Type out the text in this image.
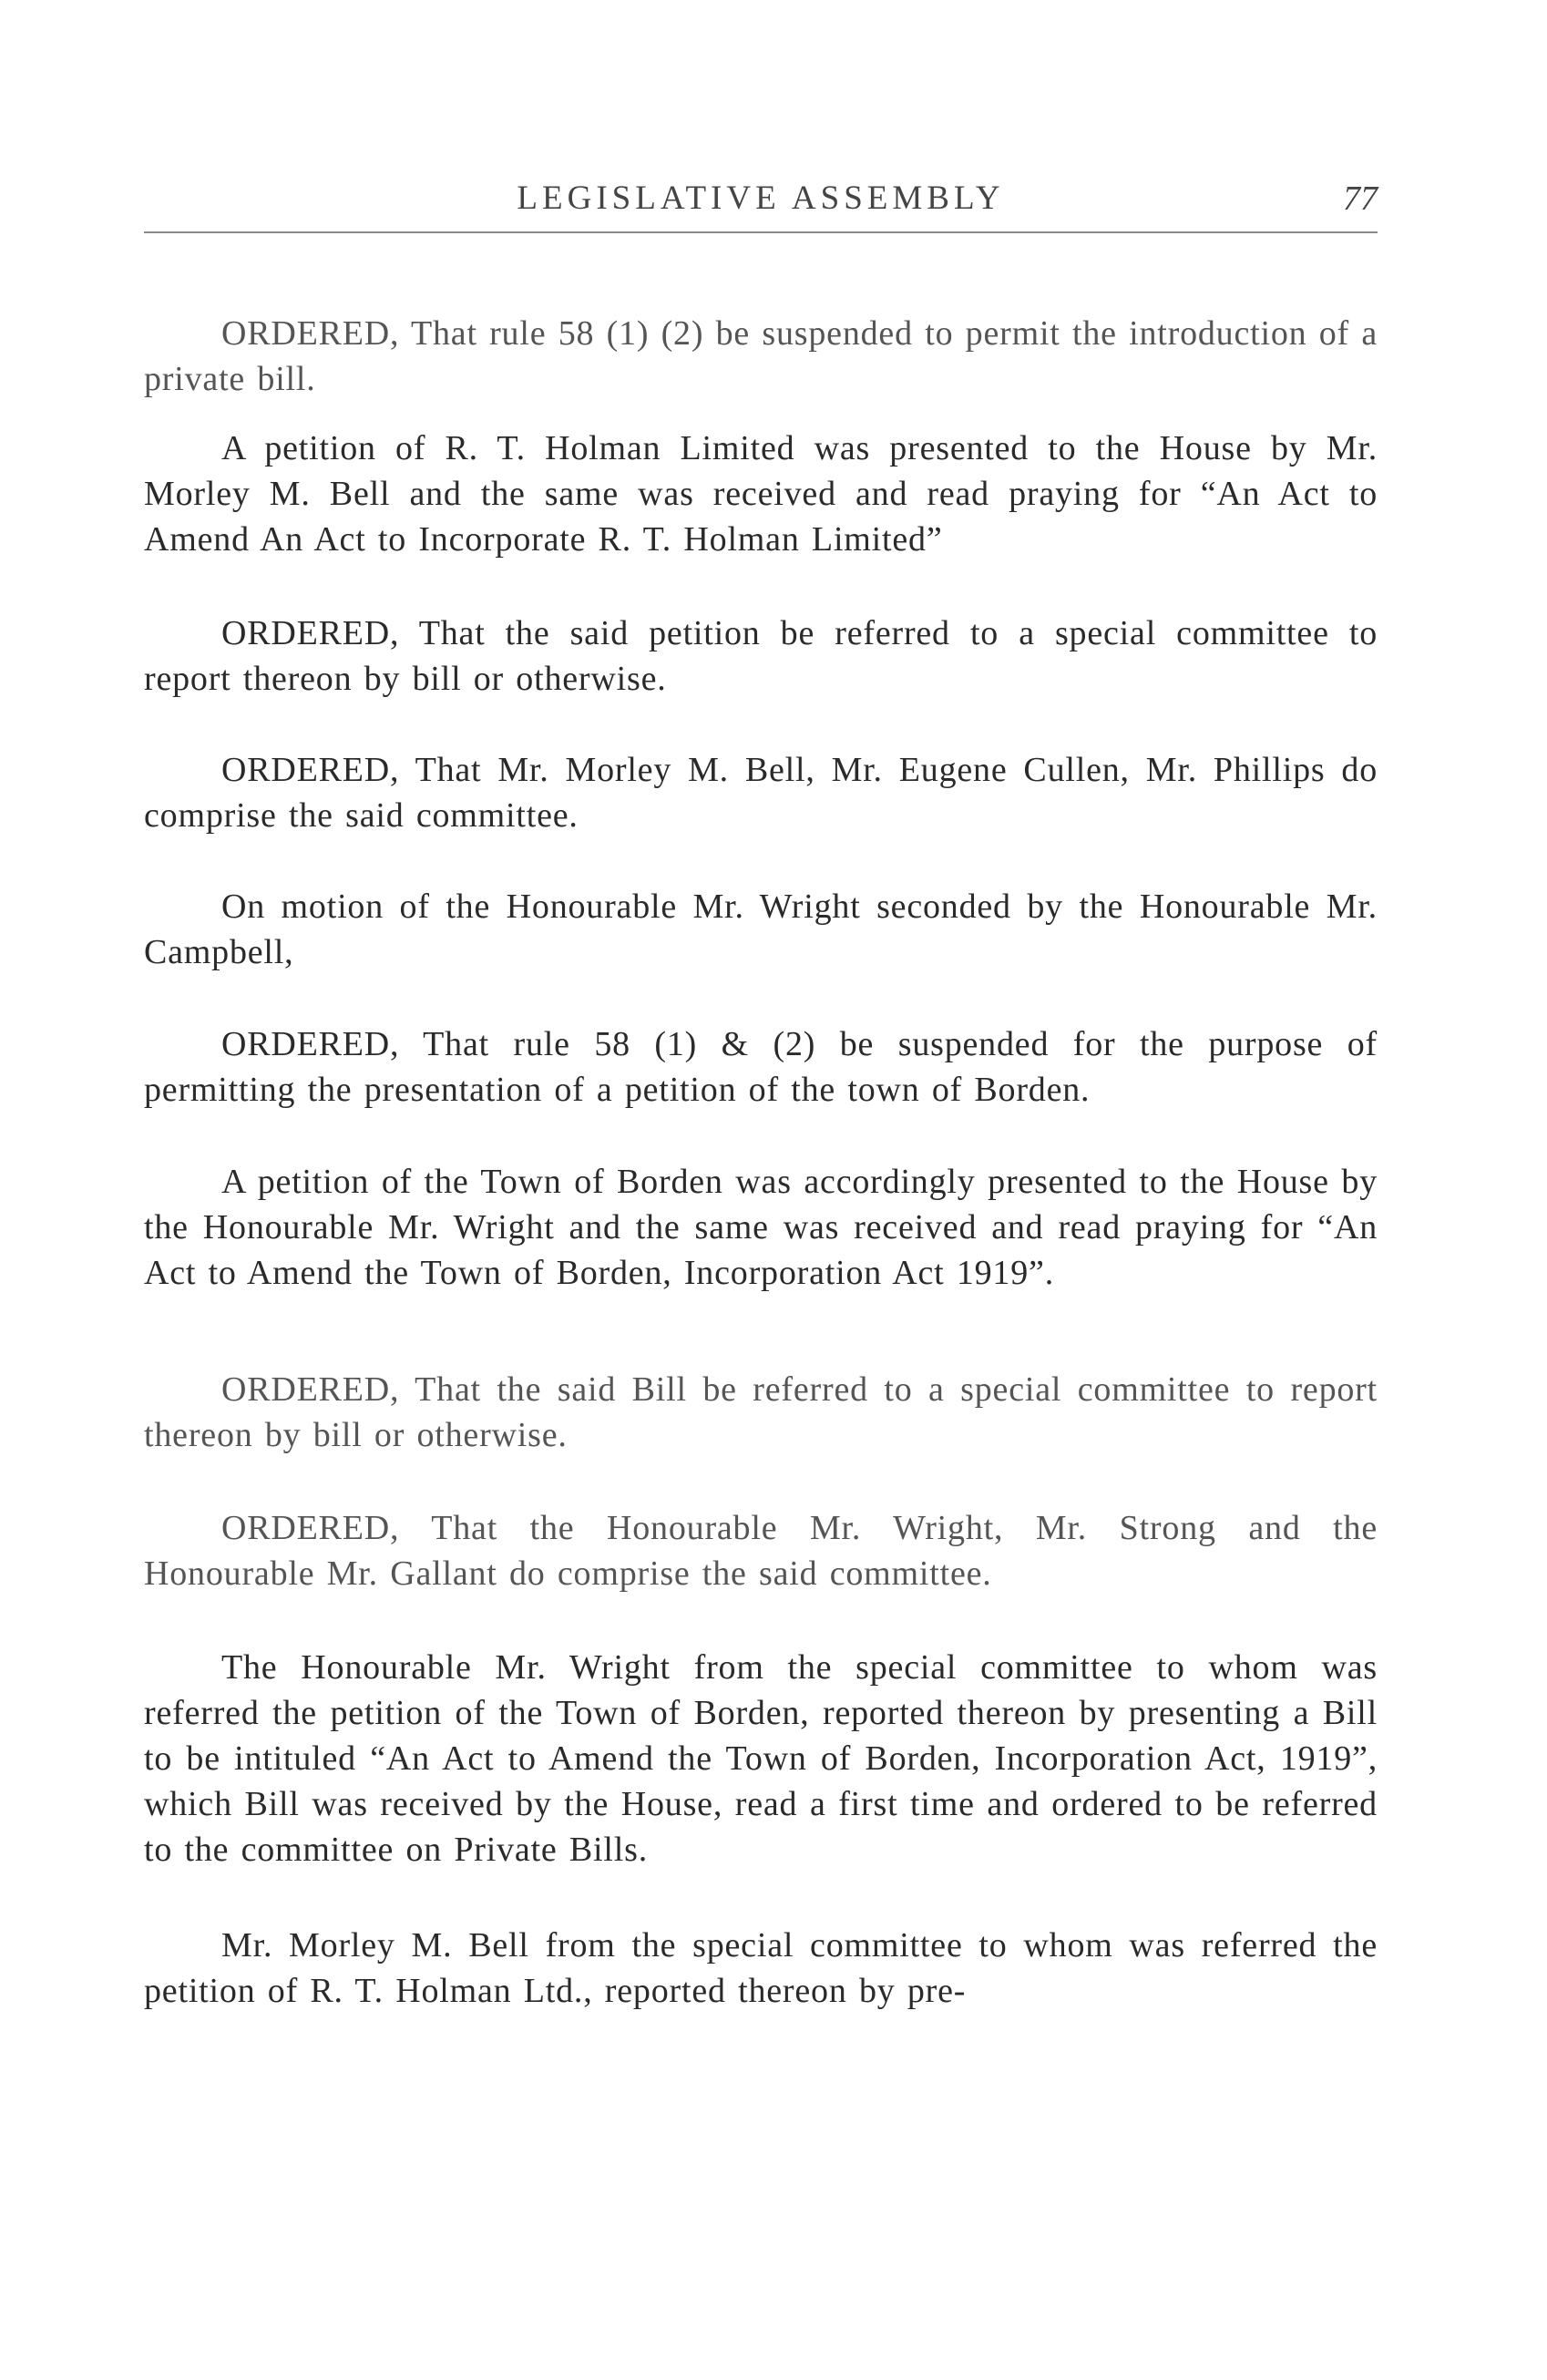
LEGISLATIVE ASSEMBLY	77

ORDERED, That rule 58 (1) (2) be suspended to permit the introduction of a private bill.

A petition of R. T. Holman Limited was presented to the House by Mr. Morley M. Bell and the same was received and read praying for “An Act to Amend An Act to Incorporate R. T. Holman Limited”

ORDERED, That the said petition be referred to a special committee to report thereon by bill or otherwise.

ORDERED, That Mr. Morley M. Bell, Mr. Eugene Cullen, Mr. Phillips do comprise the said committee.

On motion of the Honourable Mr. Wright seconded by the Honourable Mr. Campbell,

ORDERED, That rule 58 (1) & (2) be suspended for the purpose of permitting the presentation of a petition of the town of Borden.

A petition of the Town of Borden was accordingly presented to the House by the Honourable Mr. Wright and the same was received and read praying for “An Act to Amend the Town of Borden, Incorporation Act 1919”.

ORDERED, That the said Bill be referred to a special committee to report thereon by bill or otherwise.

ORDERED, That the Honourable Mr. Wright, Mr. Strong and the Honourable Mr. Gallant do comprise the said committee.

The Honourable Mr. Wright from the special committee to whom was referred the petition of the Town of Borden, reported thereon by presenting a Bill to be intituled “An Act to Amend the Town of Borden, Incorporation Act, 1919”, which Bill was received by the House, read a first time and ordered to be referred to the committee on Private Bills.

Mr. Morley M. Bell from the special committee to whom was referred the petition of R. T. Holman Ltd., reported thereon by pre-
